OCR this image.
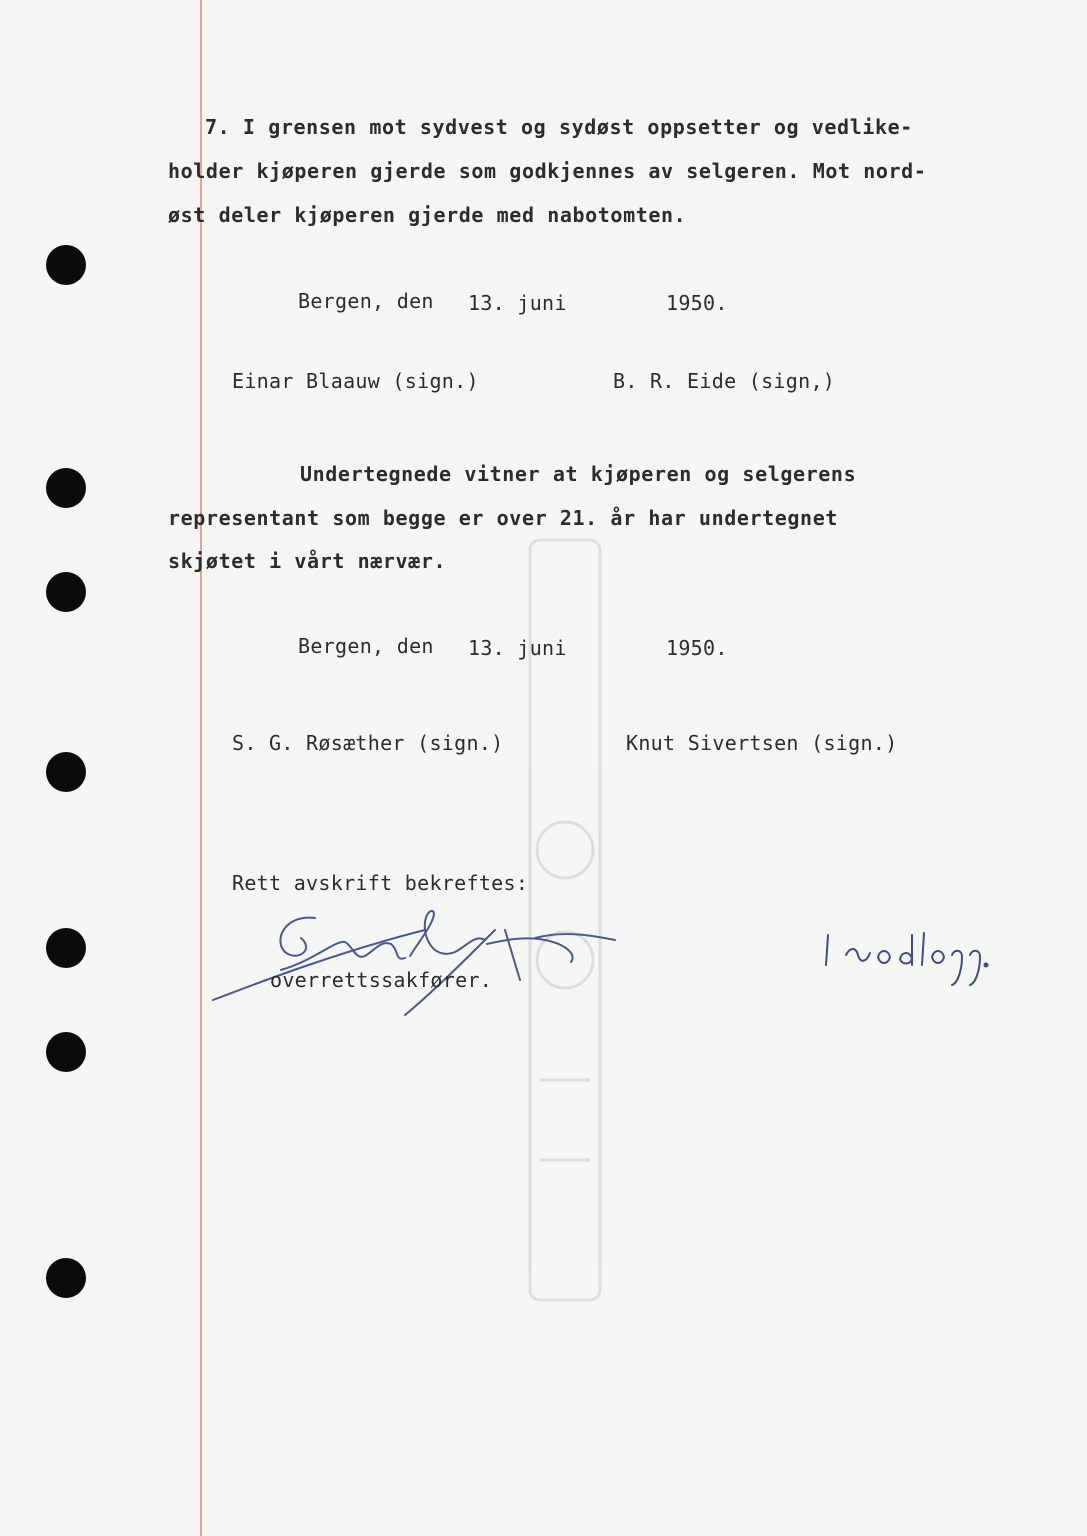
7. I grensen mot sydvest og sydøst oppsetter og vedlike-
holder kjøperen gjerde som godkjennes av selgeren. Mot nord-
øst deler kjøperen gjerde med nabotomten.
Bergen, den 13. juni	1950.
Einar Blaauw (sign.)	B. R. Eide (sign,)
Undertegnede vitner at kjøperen og selgerens
representant som begge er over 21. år har undertegnet
skjøtet i vårt nærvær.
Bergen, den 13. juni	1950.
S. G. Røsæther (sign.)	Knut Sivertsen (sign.)
Rett avskrift bekreftes:
overrettssakfører.
